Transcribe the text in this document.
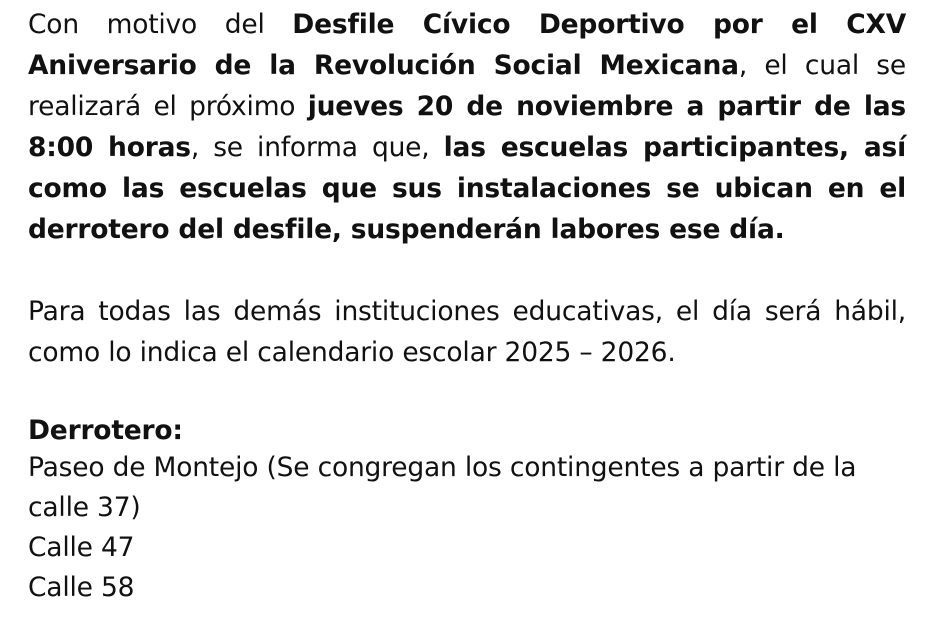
Con motivo del Desfile Cívico Deportivo por el CXV Aniversario de la Revolución Social Mexicana, el cual se realizará el próximo jueves 20 de noviembre a partir de las 8:00 horas, se informa que, las escuelas participantes, así como las escuelas que sus instalaciones se ubican en el derrotero del desfile, suspenderán labores ese día.

Para todas las demás instituciones educativas, el día será hábil, como lo indica el calendario escolar 2025 – 2026.

Derrotero:

Paseo de Montejo (Se congregan los contingentes a partir de la calle 37)
Calle 47
Calle 58
